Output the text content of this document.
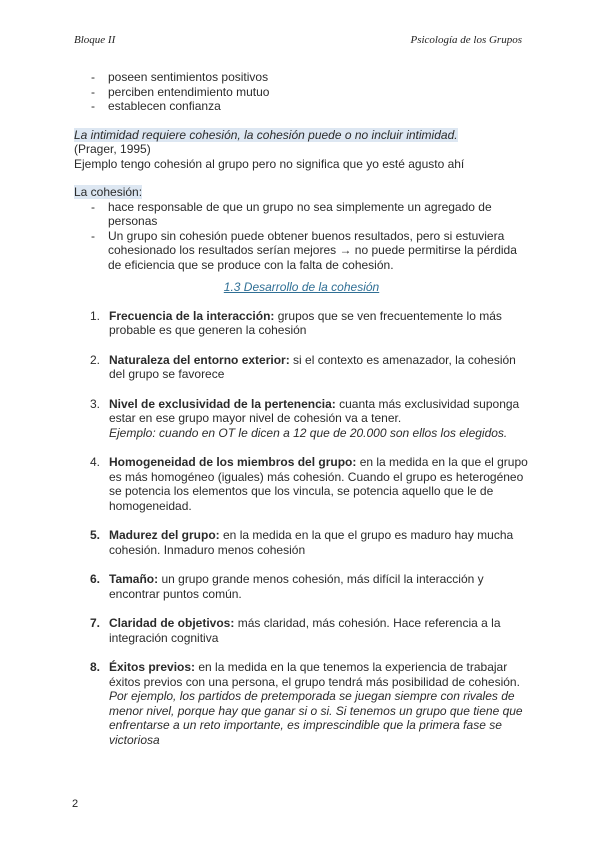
Bloque II	Psicología de los Grupos
- poseen sentimientos positivos
- perciben entendimiento mutuo
- establecen confianza

La intimidad requiere cohesión, la cohesión puede o no incluir intimidad.

(Prager, 1995)

Ejemplo tengo cohesión al grupo pero no significa que yo esté agusto ahí

La cohesión:

- hace responsable de que un grupo no sea simplemente un agregado de personas
- Un grupo sin cohesión puede obtener buenos resultados, pero si estuviera cohesionado los resultados serían mejores → no puede permitirse la pérdida de eficiencia que se produce con la falta de cohesión.

1.3 Desarrollo de la cohesión

1. Frecuencia de la interacción: grupos que se ven frecuentemente lo más probable es que generen la cohesión
2. Naturaleza del entorno exterior: si el contexto es amenazador, la cohesión del grupo se favorece
3. Nivel de exclusividad de la pertenencia: cuanta más exclusividad suponga estar en ese grupo mayor nivel de cohesión va a tener.
Ejemplo: cuando en OT le dicen a 12 que de 20.000 son ellos los elegidos.
4. Homogeneidad de los miembros del grupo: en la medida en la que el grupo es más homogéneo (iguales) más cohesión. Cuando el grupo es heterogéneo se potencia los elementos que los vincula, se potencia aquello que le de homogeneidad.
5. Madurez del grupo: en la medida en la que el grupo es maduro hay mucha cohesión. Inmaduro menos cohesión
6. Tamaño: un grupo grande menos cohesión, más difícil la interacción y encontrar puntos común.
7. Claridad de objetivos: más claridad, más cohesión. Hace referencia a la integración cognitiva
8. Éxitos previos: en la medida en la que tenemos la experiencia de trabajar éxitos previos con una persona, el grupo tendrá más posibilidad de cohesión.
Por ejemplo, los partidos de pretemporada se juegan siempre con rivales de menor nivel, porque hay que ganar si o si. Si tenemos un grupo que tiene que enfrentarse a un reto importante, es imprescindible que la primera fase se victoriosa
2
